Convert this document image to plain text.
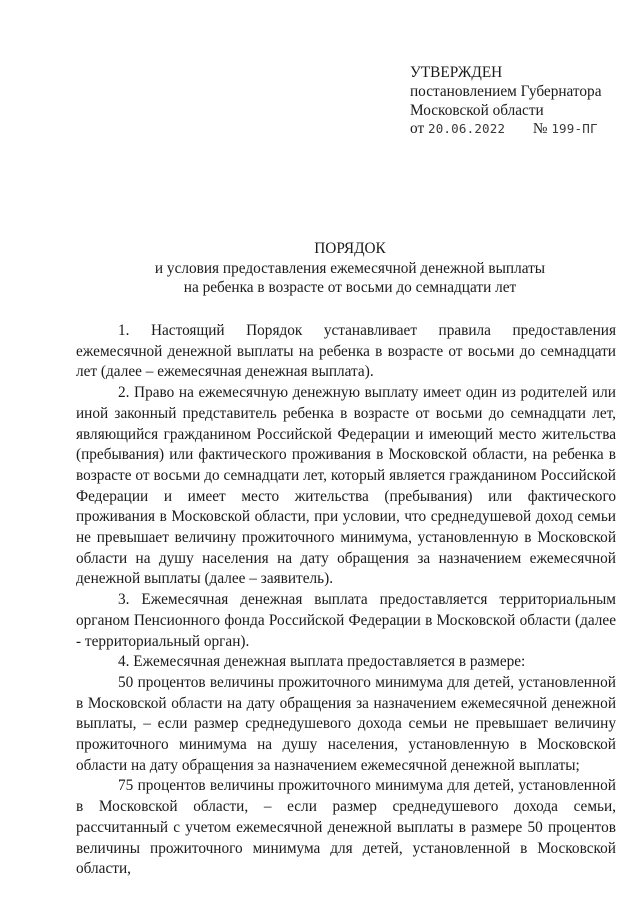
УТВЕРЖДЕН
постановлением Губернатора
Московской области
от 20.06.2022 № 199-ПГ
ПОРЯДОК
и условия предоставления ежемесячной денежной выплаты
на ребенка в возрасте от восьми до семнадцати лет

1. Настоящий Порядок устанавливает правила предоставления ежемесячной денежной выплаты на ребенка в возрасте от восьми до семнадцати лет (далее – ежемесячная денежная выплата).

2. Право на ежемесячную денежную выплату имеет один из родителей или иной законный представитель ребенка в возрасте от восьми до семнадцати лет, являющийся гражданином Российской Федерации и имеющий место жительства (пребывания) или фактического проживания в Московской области, на ребенка в возрасте от восьми до семнадцати лет, который является гражданином Российской Федерации и имеет место жительства (пребывания) или фактического проживания в Московской области, при условии, что среднедушевой доход семьи не превышает величину прожиточного минимума, установленную в Московской области на душу населения на дату обращения за назначением ежемесячной денежной выплаты (далее – заявитель).

3. Ежемесячная денежная выплата предоставляется территориальным органом Пенсионного фонда Российской Федерации в Московской области (далее - территориальный орган).

4. Ежемесячная денежная выплата предоставляется в размере:

50 процентов величины прожиточного минимума для детей, установленной в Московской области на дату обращения за назначением ежемесячной денежной выплаты, – если размер среднедушевого дохода семьи не превышает величину прожиточного минимума на душу населения, установленную в Московской области на дату обращения за назначением ежемесячной денежной выплаты;

75 процентов величины прожиточного минимума для детей, установленной в Московской области, – если размер среднедушевого дохода семьи, рассчитанный с учетом ежемесячной денежной выплаты в размере 50 процентов величины прожиточного минимума для детей, установленной в Московской области,
